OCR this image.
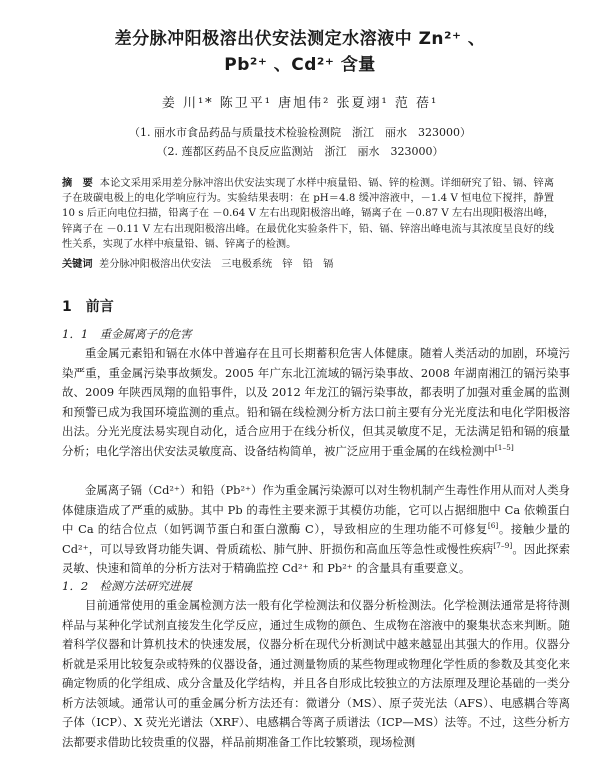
差分脉冲阳极溶出伏安法测定水溶液中 Zn²⁺ 、
Pb²⁺ 、Cd²⁺ 含量
姜 川¹* 陈卫平¹ 唐旭伟² 张夏翊¹ 范 蓓¹
（1. 丽水市食品药品与质量技术检验检测院　浙江　丽水　323000）
（2. 莲都区药品不良反应监测站　浙江　丽水　323000）
摘　要 本论文采用采用差分脉冲溶出伏安法实现了水样中痕量铅、镉、锌的检测。详细研究了铅、镉、锌离子在玻碳电极上的电化学响应行为。实验结果表明：在 pH＝4.8 缓冲溶液中，－1.4 V 恒电位下搅拌，静置 10 s 后正向电位扫描，铅离子在 －0.64 V 左右出现阳极溶出峰，镉离子在 －0.87 V 左右出现阳极溶出峰，锌离子在 －0.11 V 左右出现阳极溶出峰。在最优化实验条件下，铅、镉、锌溶出峰电流与其浓度呈良好的线性关系，实现了水样中痕量铅、镉、锌离子的检测。
关键词 差分脉冲阳极溶出伏安法　三电极系统　锌　铅　镉
1　前言
1．1　重金属离子的危害
重金属元素铅和镉在水体中普遍存在且可长期蓄积危害人体健康。随着人类活动的加剧，环境污染严重，重金属污染事故频发。2005 年广东北江流域的镉污染事故、2008 年湖南湘江的镉污染事故、2009 年陕西凤翔的血铅事件，以及 2012 年龙江的镉污染事故，都表明了加强对重金属的监测和预警已成为我国环境监测的重点。铅和镉在线检测分析方法口前主要有分光光度法和电化学阳极溶出法。分光光度法易实现自动化，适合应用于在线分析仪，但其灵敏度不足，无法满足铅和镉的痕量分析；电化学溶出伏安法灵敏度高、设备结构简单，被广泛应用于重金属的在线检测中[1–5]
金属离子镉（Cd²⁺）和铅（Pb²⁺）作为重金属污染源可以对生物机制产生毒性作用从而对人类身体健康造成了严重的威胁。其中 Pb 的毒性主要来源于其模仿功能，它可以占据细胞中 Ca 依赖蛋白中 Ca 的结合位点（如钙调节蛋白和蛋白激酶 C），导致相应的生理功能不可修复[6]。接触少量的 Cd²⁺，可以导致肾功能失调、骨质疏松、肺气肿、肝损伤和高血压等急性或慢性疾病[7–9]。因此探索灵敏、快速和简单的分析方法对于精确监控 Cd²⁺ 和 Pb²⁺ 的含量具有重要意义。
1．2　检测方法研究进展
目前通常使用的重金属检测方法一般有化学检测法和仪器分析检测法。化学检测法通常是将待测样品与某种化学试剂直接发生化学反应，通过生成物的颜色、生成物在溶液中的聚集状态来判断。随着科学仪器和计算机技术的快速发展，仪器分析在现代分析测试中越来越显出其强大的作用。仪器分析就是采用比较复杂或特殊的仪器设备，通过测量物质的某些物理或物理化学性质的参数及其变化来确定物质的化学组成、成分含量及化学结构，并且各自形成比较独立的方法原理及理论基础的一类分析方法领域。通常认可的重金属分析方法还有：微谱分（MS）、原子荧光法（AFS）、电感耦合等离子体（ICP）、X 荧光光谱法（XRF）、电感耦合等离子质谱法（ICP—MS）法等。不过，这些分析方法都要求借助比较贵重的仪器，样品前期准备工作比较繁琐，现场检测
